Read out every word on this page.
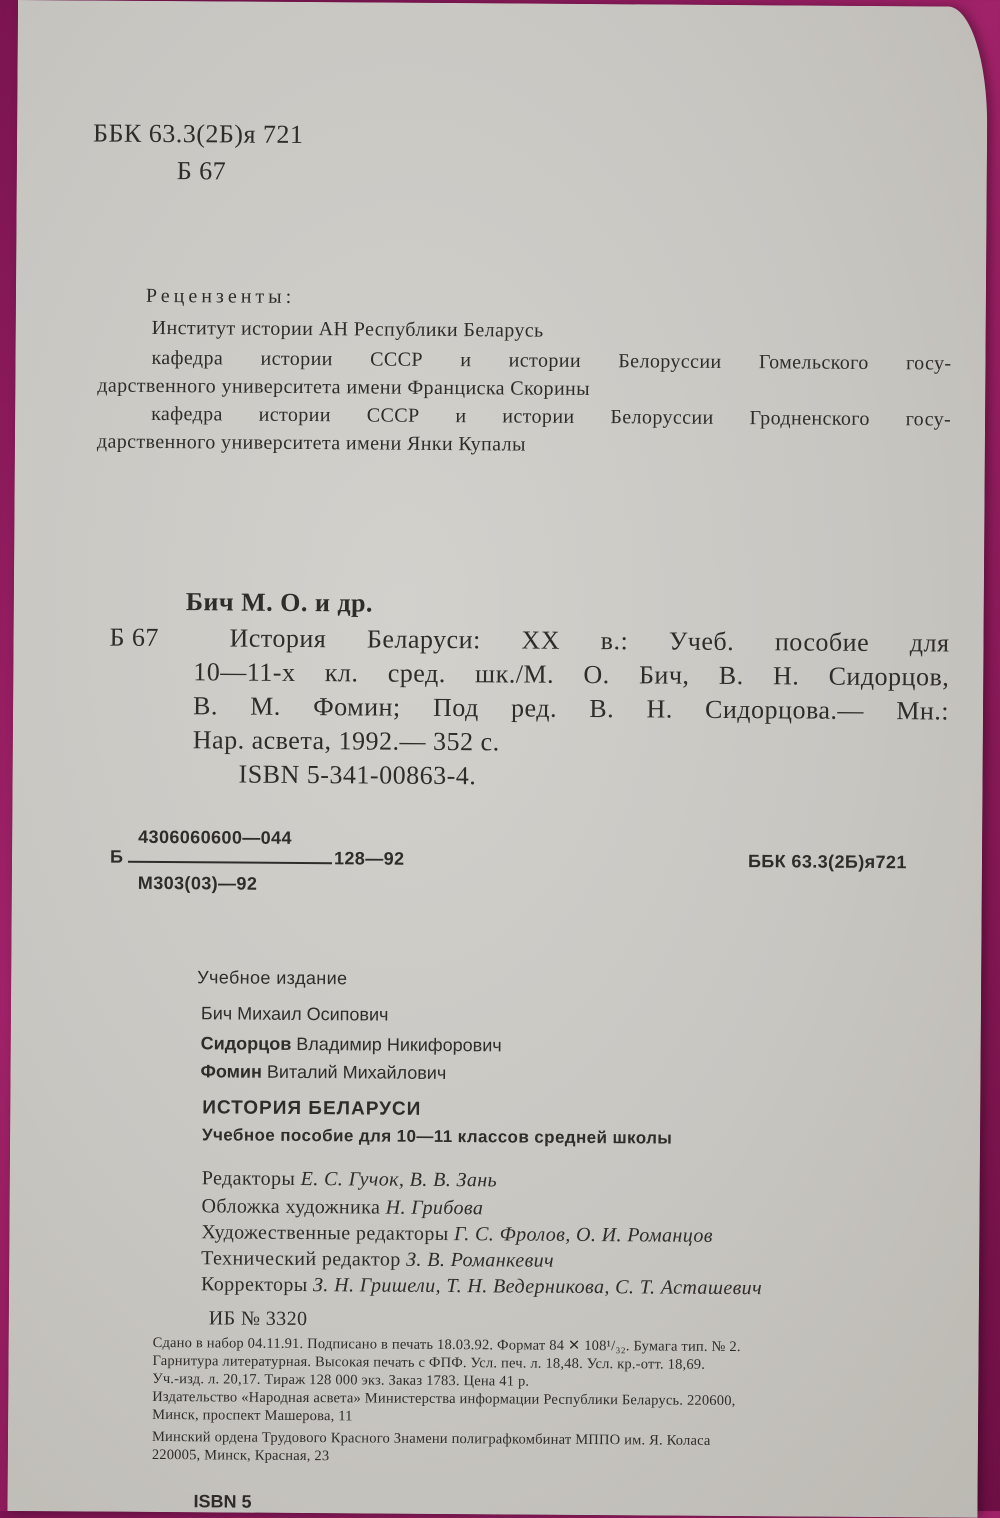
ББК 63.3(2Б)я 721
Б 67
Рецензенты:
Институт истории АН Республики Беларусь
кафедра истории СССР и истории Белоруссии Гомельского госу-
дарственного университета имени Франциска Скорины
кафедра истории СССР и истории Белоруссии Гродненского госу-
дарственного университета имени Янки Купалы
Бич М. О. и др.
Б 67	История Беларуси: XX в.: Учеб. пособие для
10—11-х кл. сред. шк./М. О. Бич, В. Н. Сидорцов,
В. М. Фомин; Под ред. В. Н. Сидорцова.— Мн.:
Нар. асвета, 1992.— 352 с.
ISBN 5-341-00863-4.
4306060600—044
Б	128—92
М303(03)—92
ББК 63.3(2Б)я721
Учебное издание
Бич Михаил Осипович
Сидорцов Владимир Никифорович
Фомин Виталий Михайлович
ИСТОРИЯ БЕЛАРУСИ
Учебное пособие для 10—11 классов средней школы
Редакторы Е. С. Гучок, В. В. Зань
Обложка художника Н. Грибова
Художественные редакторы Г. С. Фролов, О. И. Романцов
Технический редактор З. В. Романкевич
Корректоры З. Н. Гришели, Т. Н. Ведерникова, С. Т. Асташевич
ИБ № 3320
Сдано в набор 04.11.91. Подписано в печать 18.03.92. Формат 84 ✕ 108¹/₃₂. Бумага тип. № 2.
Гарнитура литературная. Высокая печать с ФПФ. Усл. печ. л. 18,48. Усл. кр.-отт. 18,69.
Уч.-изд. л. 20,17. Тираж 128 000 экз. Заказ 1783. Цена 41 р.
Издательство «Народная асвета» Министерства информации Республики Беларусь. 220600,
Минск, проспект Машерова, 11
Минский ордена Трудового Красного Знамени полиграфкомбинат МППО им. Я. Коласа
220005, Минск, Красная, 23
ISBN 5
